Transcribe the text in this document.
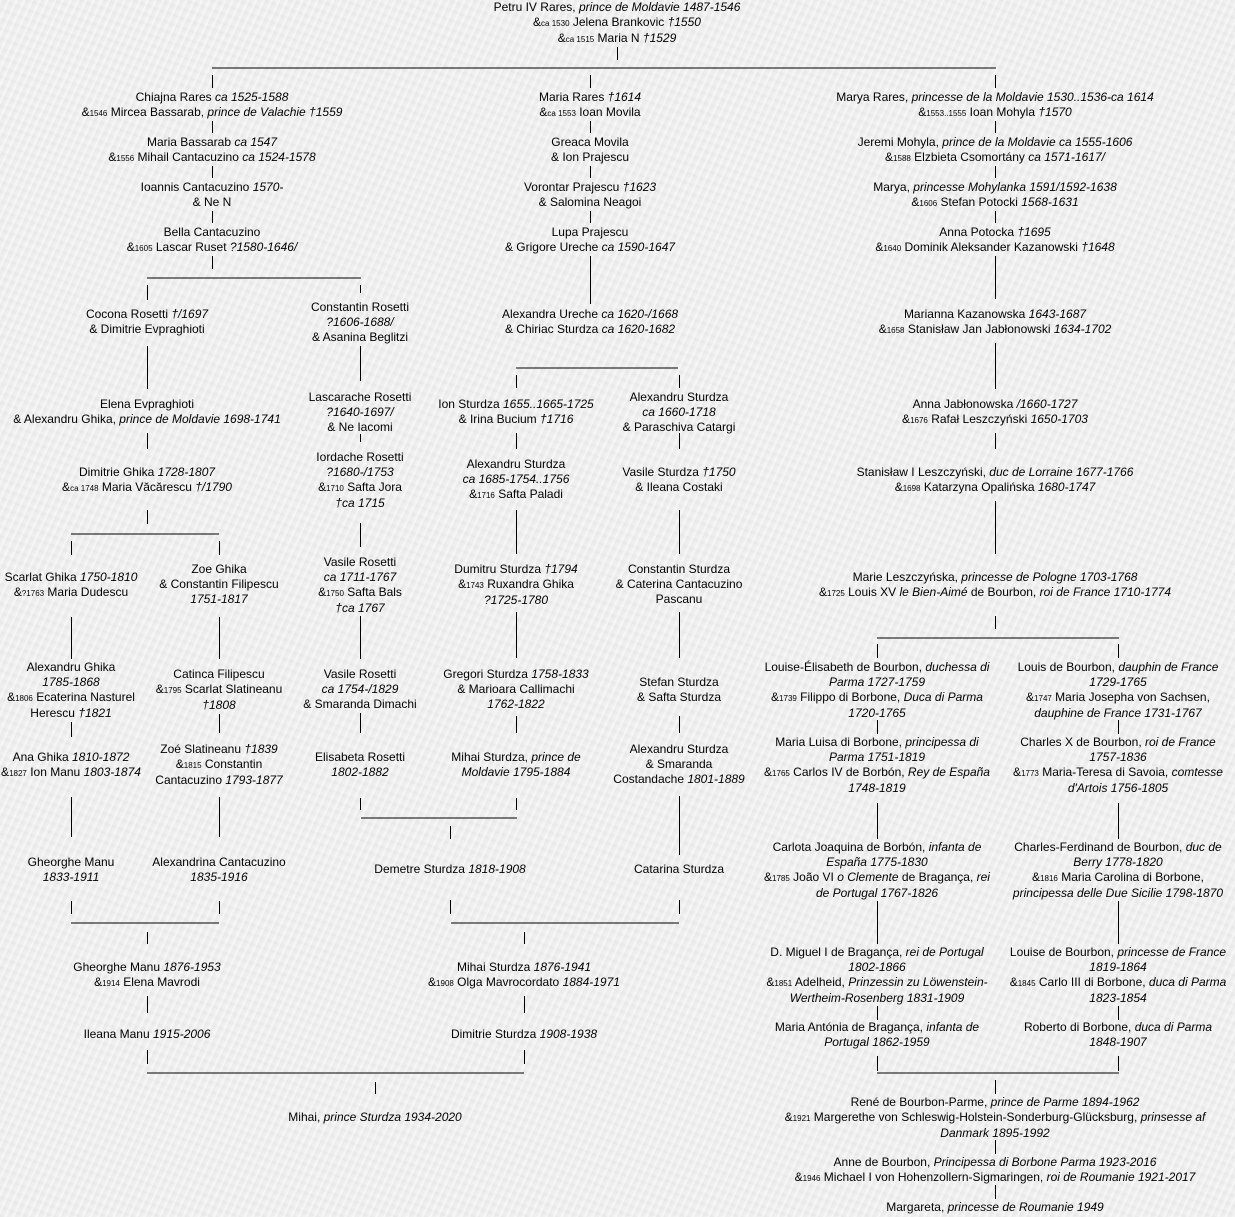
Petru IV Rares, prince de Moldavie 1487-1546
&ca 1530 Jelena Brankovic †1550
&ca 1515 Maria N †1529
Chiajna Rares ca 1525-1588
&1546 Mircea Bassarab, prince de Valachie †1559
Maria Rares †1614
&ca 1553 Ioan Movila
Marya Rares, princesse de la Moldavie 1530..1536-ca 1614
&1553..1555 Ioan Mohyla †1570
Maria Bassarab ca 1547
&1556 Mihail Cantacuzino ca 1524-1578
Greaca Movila
& Ion Prajescu
Jeremi Mohyla, prince de la Moldavie ca 1555-1606
&1588 Elzbieta Csomortány ca 1571-1617/
Ioannis Cantacuzino 1570-
& Ne N
Vorontar Prajescu †1623
& Salomina Neagoi
Marya, princesse Mohylanka 1591/1592-1638
&1606 Stefan Potocki 1568-1631
Bella Cantacuzino
&1605 Lascar Ruset ?1580-1646/
Lupa Prajescu
& Grigore Ureche ca 1590-1647
Anna Potocka †1695
&1640 Dominik Aleksander Kazanowski †1648
Cocona Rosetti †/1697
& Dimitrie Evpraghioti
Constantin Rosetti
?1606-1688/
& Asanina Beglitzi
Alexandra Ureche ca 1620-/1668
& Chiriac Sturdza ca 1620-1682
Marianna Kazanowska 1643-1687
&1658 Stanisław Jan Jabłonowski 1634-1702
Elena Evpraghioti
& Alexandru Ghika, prince de Moldavie 1698-1741
Lascarache Rosetti
?1640-1697/
& Ne Iacomi
Ion Sturdza 1655..1665-1725
& Irina Bucium †1716
Alexandru Sturdza
ca 1660-1718
& Paraschiva Catargi
Anna Jabłonowska /1660-1727
&1676 Rafał Leszczyński 1650-1703
Iordache Rosetti
?1680-/1753
&1710 Safta Jora
†ca 1715
Dimitrie Ghika 1728-1807
&ca 1748 Maria Văcărescu †/1790
Alexandru Sturdza
ca 1685-1754..1756
&1716 Safta Paladi
Vasile Sturdza †1750
& Ileana Costaki
Stanisław I Leszczyński, duc de Lorraine 1677-1766
&1698 Katarzyna Opalińska 1680-1747
Vasile Rosetti
ca 1711-1767
&1750 Safta Bals
†ca 1767
Scarlat Ghika 1750-1810
&?1763 Maria Dudescu
Zoe Ghika
& Constantin Filipescu
1751-1817
Dumitru Sturdza †1794
&1743 Ruxandra Ghika
?1725-1780
Constantin Sturdza
& Caterina Cantacuzino
Pascanu
Marie Leszczyńska, princesse de Pologne 1703-1768
&1725 Louis XV le Bien-Aimé de Bourbon, roi de France 1710-1774
Alexandru Ghika
1785-1868
&1806 Ecaterina Nasturel
Herescu †1821
Catinca Filipescu
&1795 Scarlat Slatineanu
†1808
Vasile Rosetti
ca 1754-/1829
& Smaranda Dimachi
Gregori Sturdza 1758-1833
& Marioara Callimachi
1762-1822
Stefan Sturdza
& Safta Sturdza
Louise-Élisabeth de Bourbon, duchessa di
Parma 1727-1759
&1739 Filippo di Borbone, Duca di Parma
1720-1765
Louis de Bourbon, dauphin de France
1729-1765
&1747 Maria Josepha von Sachsen,
dauphine de France 1731-1767
Ana Ghika 1810-1872
&1827 Ion Manu 1803-1874
Zoé Slatineanu †1839
&1815 Constantin
Cantacuzino 1793-1877
Elisabeta Rosetti
1802-1882
Mihai Sturdza, prince de
Moldavie 1795-1884
Alexandru Sturdza
& Smaranda
Costandache 1801-1889
Maria Luisa di Borbone, principessa di
Parma 1751-1819
&1765 Carlos IV de Borbón, Rey de España
1748-1819
Charles X de Bourbon, roi de France
1757-1836
&1773 Maria-Teresa di Savoia, comtesse
d'Artois 1756-1805
Gheorghe Manu
1833-1911
Alexandrina Cantacuzino
1835-1916
Demetre Sturdza 1818-1908	Catarina Sturdza
Carlota Joaquina de Borbón, infanta de
España 1775-1830
&1785 João VI o Clemente de Bragança, rei
de Portugal 1767-1826
Charles-Ferdinand de Bourbon, duc de
Berry 1778-1820
&1816 Maria Carolina di Borbone,
principessa delle Due Sicilie 1798-1870
Gheorghe Manu 1876-1953
&1914 Elena Mavrodi
Mihai Sturdza 1876-1941
&1908 Olga Mavrocordato 1884-1971
D. Miguel I de Bragança, rei de Portugal
1802-1866
&1851 Adelheid, Prinzessin zu Löwenstein-
Wertheim-Rosenberg 1831-1909
Louise de Bourbon, princesse de France
1819-1864
&1845 Carlo III di Borbone, duca di Parma
1823-1854
Ileana Manu 1915-2006	Dimitrie Sturdza 1908-1938	Maria Antónia de Bragança, infanta de
Portugal 1862-1959
Roberto di Borbone, duca di Parma
1848-1907
Mihai, prince Sturdza 1934-2020
René de Bourbon-Parme, prince de Parme 1894-1962
&1921 Margerethe von Schleswig-Holstein-Sonderburg-Glücksburg, prinsesse af
Danmark 1895-1992
Anne de Bourbon, Principessa di Borbone Parma 1923-2016
&1946 Michael I von Hohenzollern-Sigmaringen, roi de Roumanie 1921-2017
Margareta, princesse de Roumanie 1949
